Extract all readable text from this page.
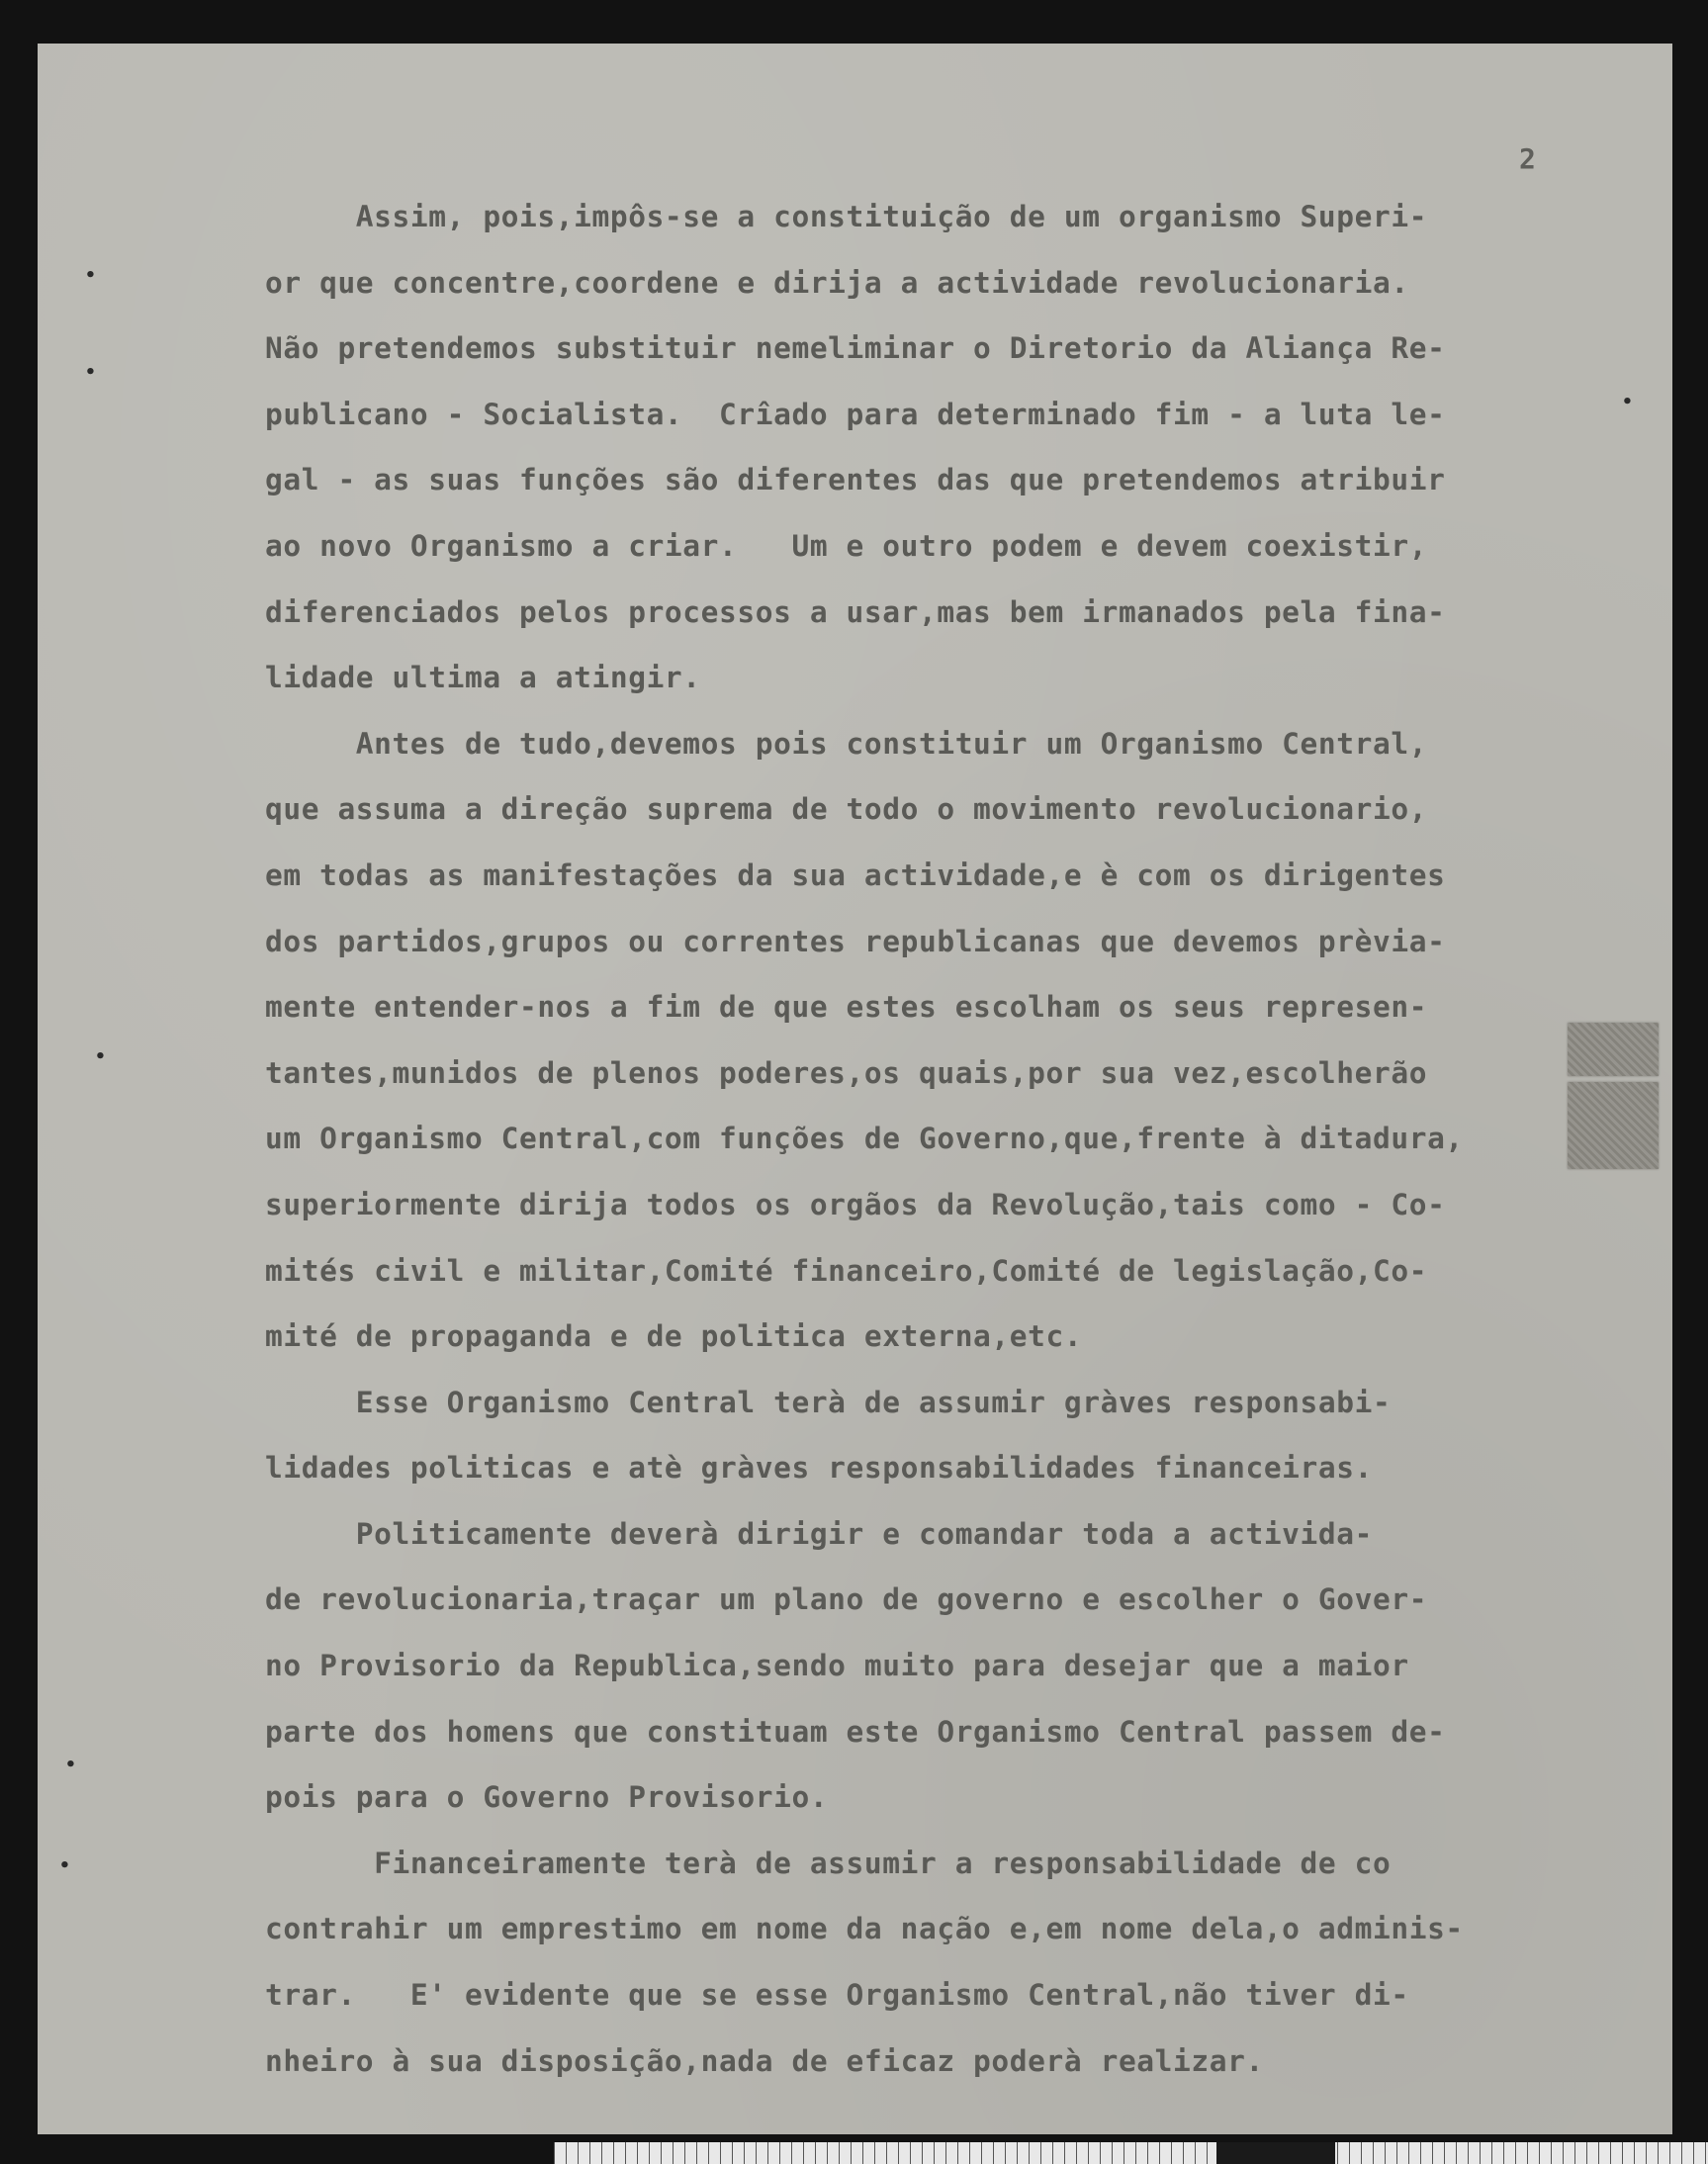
2
Assim, pois,impôs-se a constituição de um organismo Superi-
or que concentre,coordene e dirija a actividade revolucionaria.
Não pretendemos substituir nemeliminar o Diretorio da Aliança Re-
publicano - Socialista.  Crîado para determinado fim - a luta le-
gal - as suas funções são diferentes das que pretendemos atribuir
ao novo Organismo a criar.   Um e outro podem e devem coexistir,
diferenciados pelos processos a usar,mas bem irmanados pela fina-
lidade ultima a atingir.
Antes de tudo,devemos pois constituir um Organismo Central,
que assuma a direção suprema de todo o movimento revolucionario,
em todas as manifestações da sua actividade,e è com os dirigentes
dos partidos,grupos ou correntes republicanas que devemos prèvia-
mente entender-nos a fim de que estes escolham os seus represen-
tantes,munidos de plenos poderes,os quais,por sua vez,escolherão
um Organismo Central,com funções de Governo,que,frente à ditadura,
superiormente dirija todos os orgãos da Revolução,tais como - Co-
mités civil e militar,Comité financeiro,Comité de legislação,Co-
mité de propaganda e de politica externa,etc.
Esse Organismo Central terà de assumir gràves responsabi-
lidades politicas e atè gràves responsabilidades financeiras.
Politicamente deverà dirigir e comandar toda a activida-
de revolucionaria,traçar um plano de governo e escolher o Gover-
no Provisorio da Republica,sendo muito para desejar que a maior
parte dos homens que constituam este Organismo Central passem de-
pois para o Governo Provisorio.
Financeiramente terà de assumir a responsabilidade de co
contrahir um emprestimo em nome da nação e,em nome dela,o adminis-
trar.   E' evidente que se esse Organismo Central,não tiver di-
nheiro à sua disposição,nada de eficaz poderà realizar.
•
•
•
•
•
•
